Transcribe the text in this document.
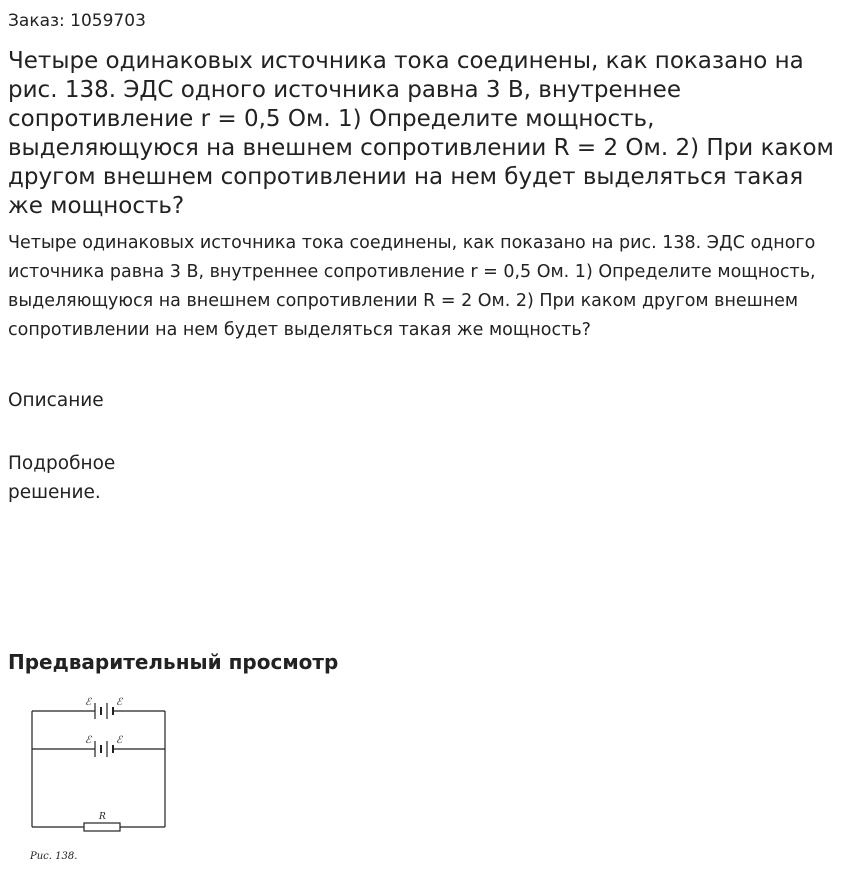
Заказ: 1059703
Четыре одинаковых источника тока соединены, как показано на рис. 138. ЭДС одного источника равна 3 В, внутреннее сопротивление r = 0,5 Ом. 1) Определите мощность, выделяющуюся на внешнем сопротивлении R = 2 Ом. 2) При каком другом внешнем сопротивлении на нем будет выделяться такая же мощность?

Четыре одинаковых источника тока соединены, как показано на рис. 138. ЭДС одного источника равна 3 В, внутреннее сопротивление r = 0,5 Ом. 1) Определите мощность, выделяющуюся на внешнем сопротивлении R = 2 Ом. 2) При каком другом внешнем сопротивлении на нем будет выделяться такая же мощность?

Описание
Подробное решение.
Предварительный просмотр
ℰ ℰ
ℰ ℰ
R
Рис. 138.
